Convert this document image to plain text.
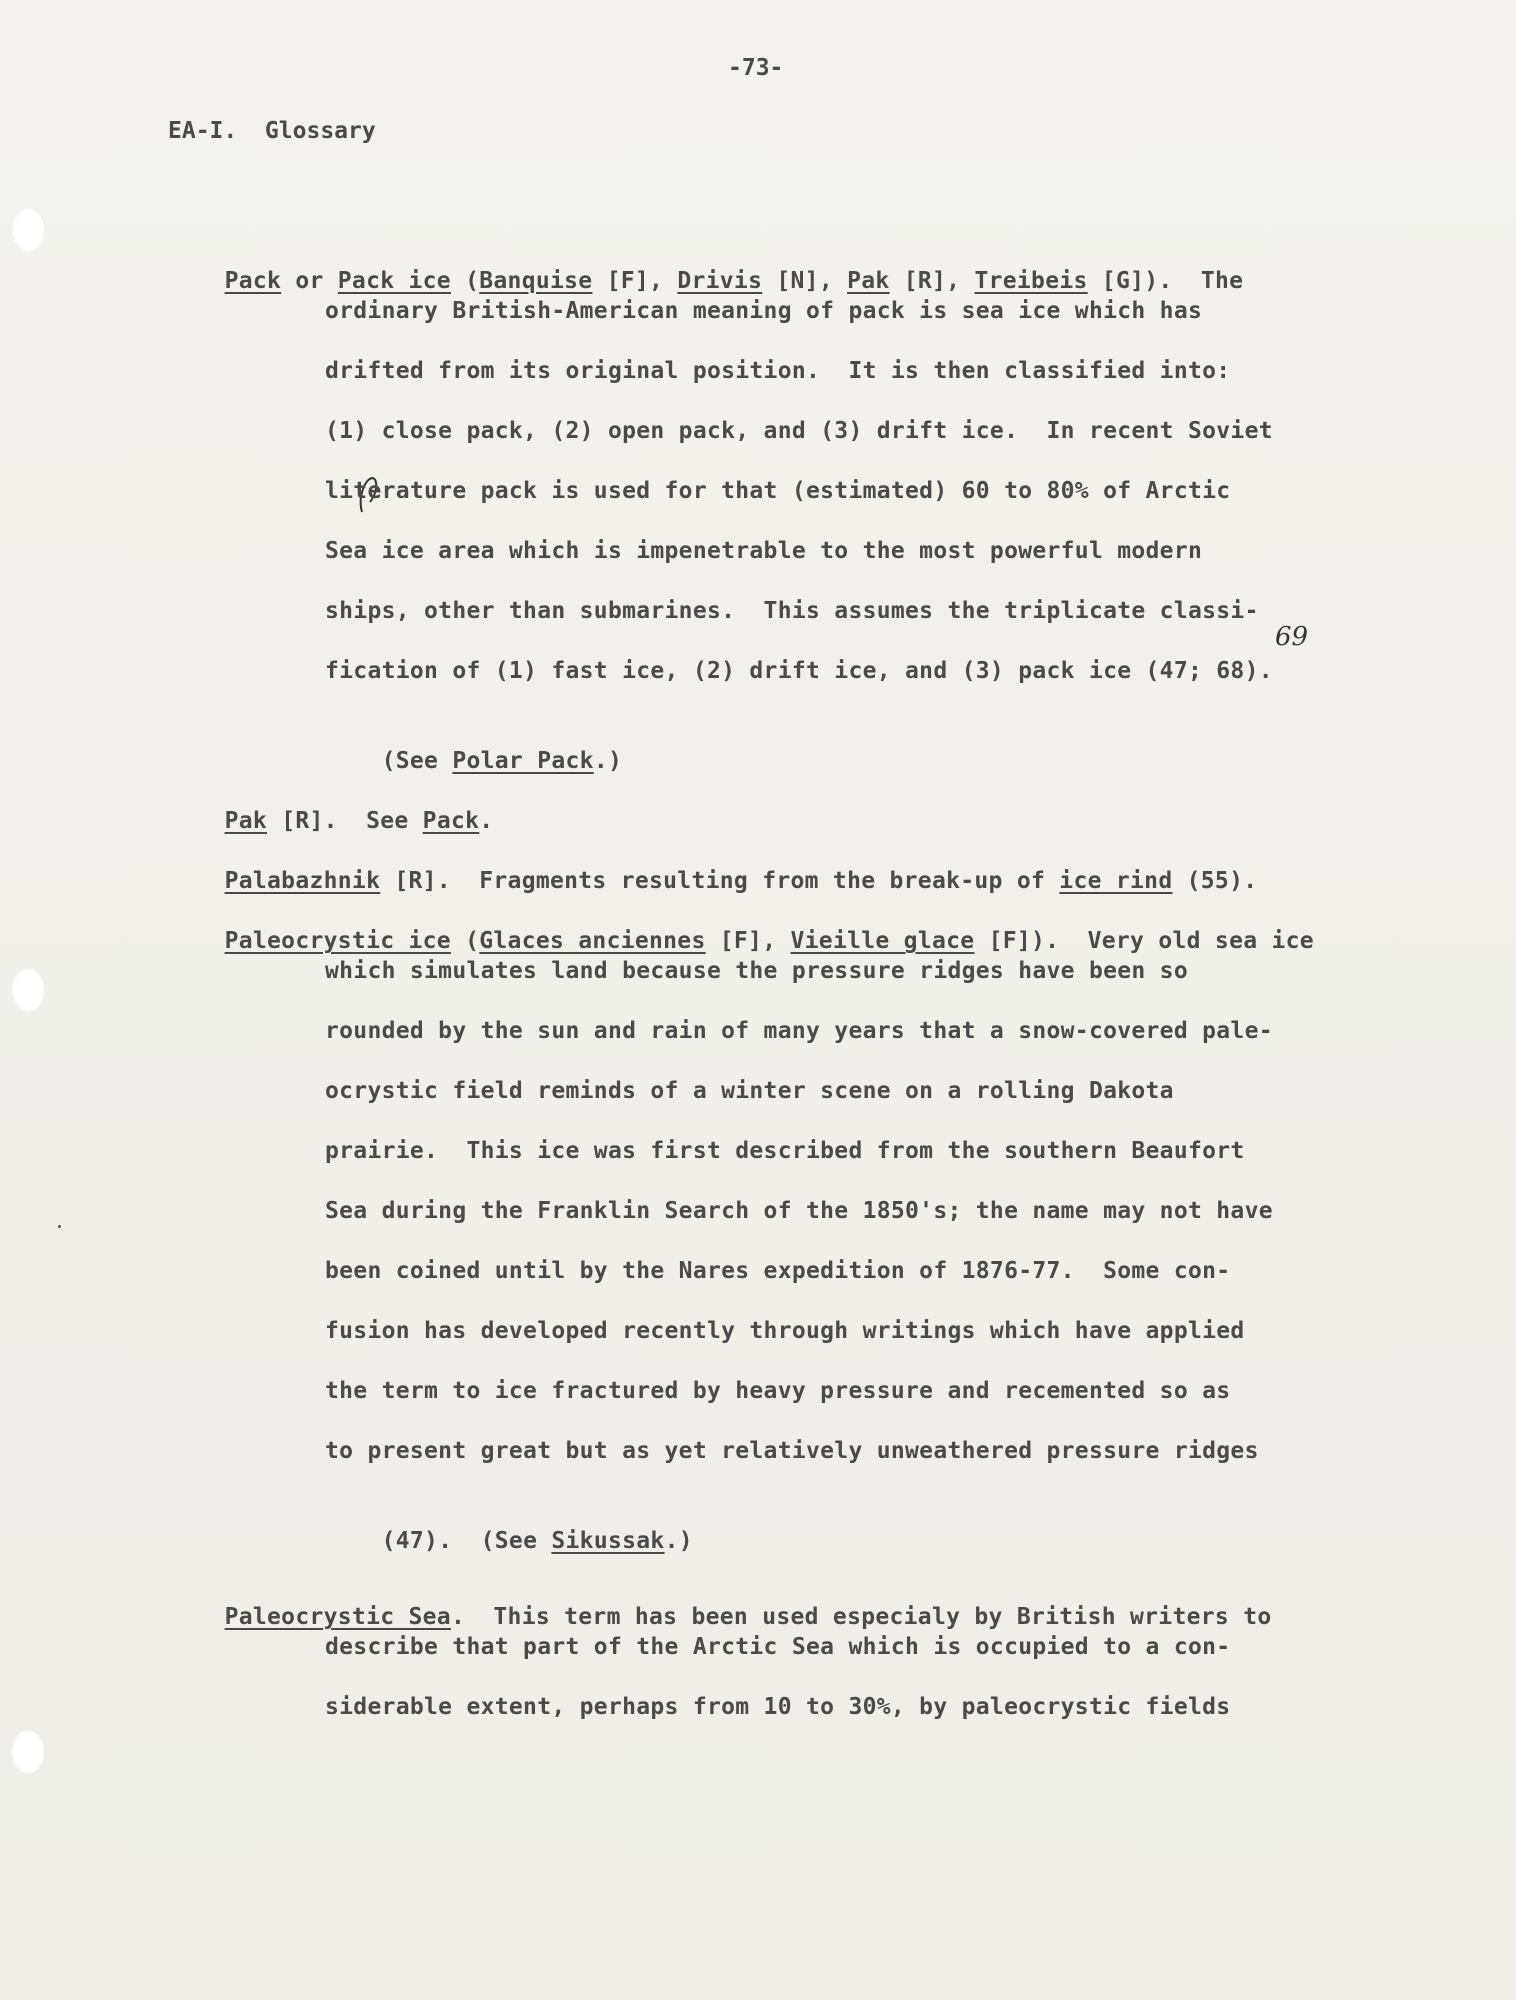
-73-
EA-I.  Glossary
69

Pack or Pack ice (Banquise [F], Drivis [N], Pak [R], Treibeis [G]).  The

ordinary British-American meaning of pack is sea ice which has
drifted from its original position.  It is then classified into:
(1) close pack, (2) open pack, and (3) drift ice.  In recent Soviet
literature pack is used for that (estimated) 60 to 80% of Arctic
Sea ice area which is impenetrable to the most powerful modern
ships, other than submarines.  This assumes the triplicate classi-
fication of (1) fast ice, (2) drift ice, and (3) pack ice (47; 68).

(See Polar Pack.)

Pak [R].  See Pack.

Palabazhnik [R].  Fragments resulting from the break-up of ice rind (55).

Paleocrystic ice (Glaces anciennes [F], Vieille glace [F]).  Very old sea ice

which simulates land because the pressure ridges have been so
rounded by the sun and rain of many years that a snow-covered pale-
ocrystic field reminds of a winter scene on a rolling Dakota
prairie.  This ice was first described from the southern Beaufort
Sea during the Franklin Search of the 1850's; the name may not have
been coined until by the Nares expedition of 1876-77.  Some con-
fusion has developed recently through writings which have applied
the term to ice fractured by heavy pressure and recemented so as
to present great but as yet relatively unweathered pressure ridges

(47).  (See Sikussak.)

Paleocrystic Sea.  This term has been used especialy by British writers to

describe that part of the Arctic Sea which is occupied to a con-
siderable extent, perhaps from 10 to 30%, by paleocrystic fields
